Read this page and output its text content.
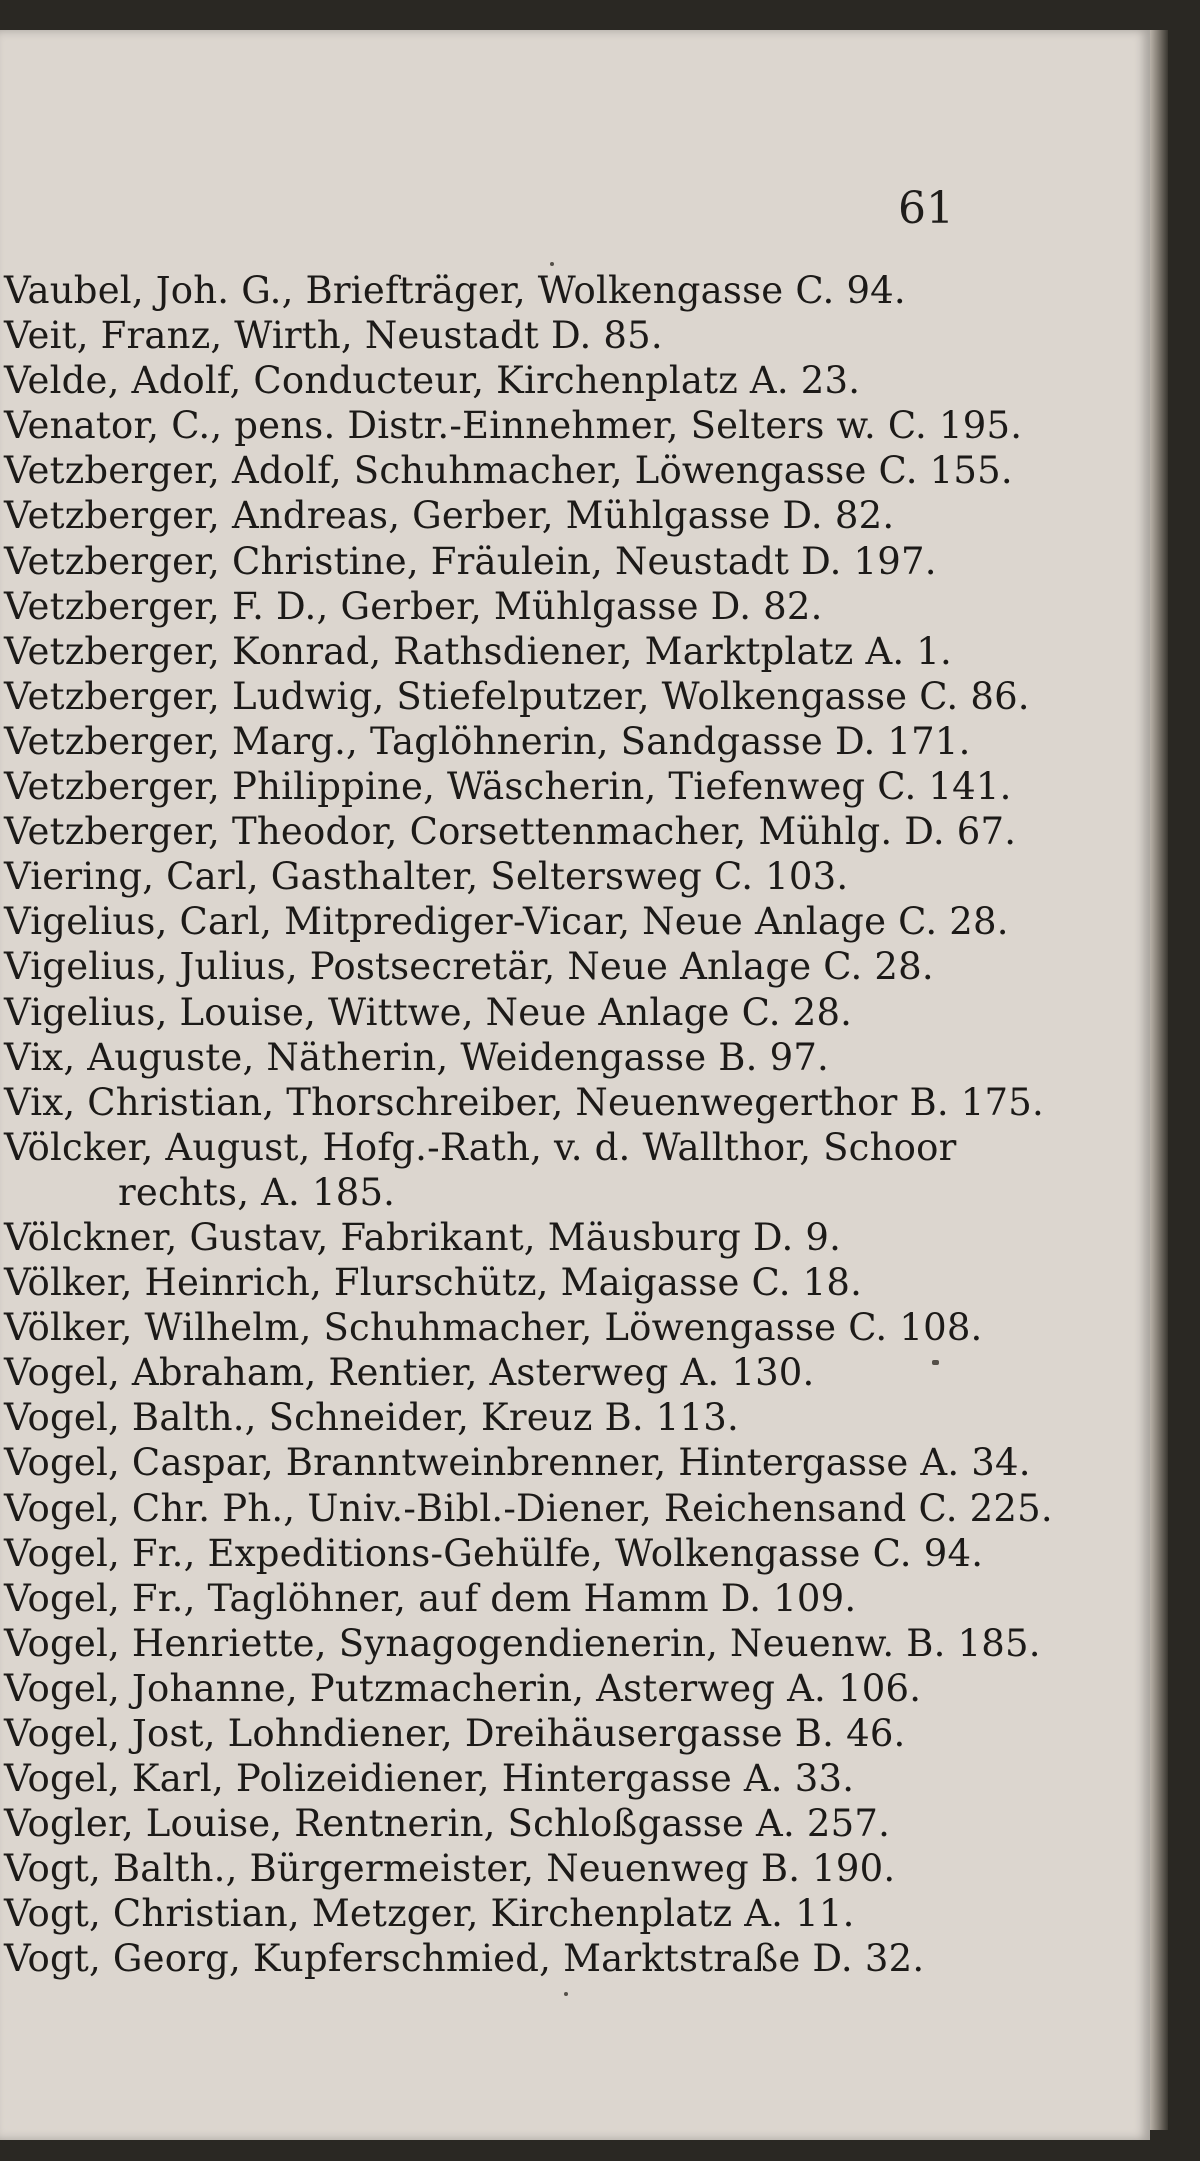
61
Vaubel, Joh. G., Briefträger, Wolkengasse C. 94.
Veit, Franz, Wirth, Neustadt D. 85.
Velde, Adolf, Conducteur, Kirchenplatz A. 23.
Venator, C., pens. Distr.-Einnehmer, Selters w. C. 195.
Vetzberger, Adolf, Schuhmacher, Löwengasse C. 155.
Vetzberger, Andreas, Gerber, Mühlgasse D. 82.
Vetzberger, Christine, Fräulein, Neustadt D. 197.
Vetzberger, F. D., Gerber, Mühlgasse D. 82.
Vetzberger, Konrad, Rathsdiener, Marktplatz A. 1.
Vetzberger, Ludwig, Stiefelputzer, Wolkengasse C. 86.
Vetzberger, Marg., Taglöhnerin, Sandgasse D. 171.
Vetzberger, Philippine, Wäscherin, Tiefenweg C. 141.
Vetzberger, Theodor, Corsettenmacher, Mühlg. D. 67.
Viering, Carl, Gasthalter, Seltersweg C. 103.
Vigelius, Carl, Mitprediger-Vicar, Neue Anlage C. 28.
Vigelius, Julius, Postsecretär, Neue Anlage C. 28.
Vigelius, Louise, Wittwe, Neue Anlage C. 28.
Vix, Auguste, Nätherin, Weidengasse B. 97.
Vix, Christian, Thorschreiber, Neuenwegerthor B. 175.
Völcker, August, Hofg.-Rath, v. d. Wallthor, Schoor
rechts, A. 185.
Völckner, Gustav, Fabrikant, Mäusburg D. 9.
Völker, Heinrich, Flurschütz, Maigasse C. 18.
Völker, Wilhelm, Schuhmacher, Löwengasse C. 108.
Vogel, Abraham, Rentier, Asterweg A. 130.
Vogel, Balth., Schneider, Kreuz B. 113.
Vogel, Caspar, Branntweinbrenner, Hintergasse A. 34.
Vogel, Chr. Ph., Univ.-Bibl.-Diener, Reichensand C. 225.
Vogel, Fr., Expeditions-Gehülfe, Wolkengasse C. 94.
Vogel, Fr., Taglöhner, auf dem Hamm D. 109.
Vogel, Henriette, Synagogendienerin, Neuenw. B. 185.
Vogel, Johanne, Putzmacherin, Asterweg A. 106.
Vogel, Jost, Lohndiener, Dreihäusergasse B. 46.
Vogel, Karl, Polizeidiener, Hintergasse A. 33.
Vogler, Louise, Rentnerin, Schloßgasse A. 257.
Vogt, Balth., Bürgermeister, Neuenweg B. 190.
Vogt, Christian, Metzger, Kirchenplatz A. 11.
Vogt, Georg, Kupferschmied, Marktstraße D. 32.
